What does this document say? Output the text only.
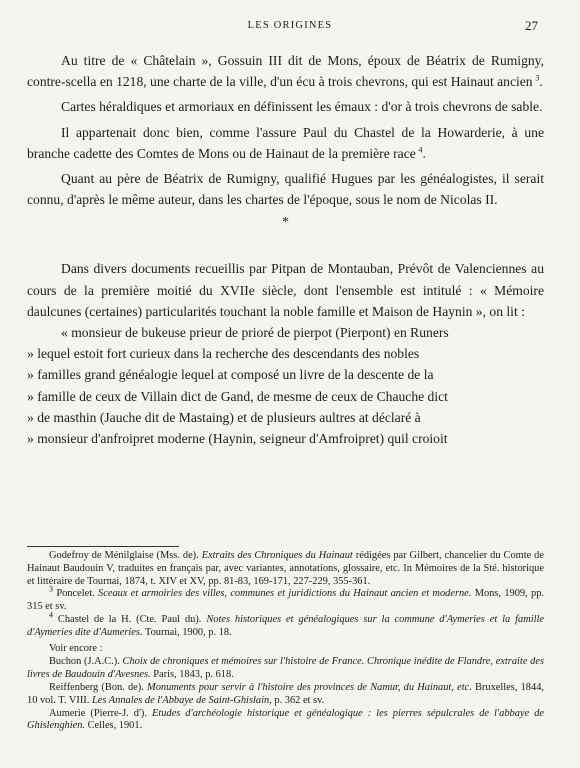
LES ORIGINES	27

Au titre de « Châtelain », Gossuin III dit de Mons, époux de Béatrix de Rumigny, contre-scella en 1218, une charte de la ville, d'un écu à trois chevrons, qui est Hainaut ancien  $^3$.

Cartes héraldiques et armoriaux en définissent les émaux : d'or à trois chevrons de sable.

Il appartenait donc bien, comme l'assure Paul du Chastel de la Howarderie, à une branche cadette des Comtes de Mons ou de Hainaut de la première race  $^4$.

Quant au père de Béatrix de Rumigny, qualifié Hugues par les généalogistes, il serait connu, d'après le même auteur, dans les chartes de l'époque, sous le nom de Nicolas II.

*

Dans divers documents recueillis par Pitpan de Montauban, Prévôt de Valenciennes au cours de la première moitié du XVIIe siècle, dont l'ensemble est intitulé : « Mémoire daulcunes (certaines) particularités touchant la noble famille et Maison de Haynin », on lit :

« monsieur de bukeuse prieur de prioré de pierpot (Pierpont) en Runers

» lequel estoit fort curieux dans la recherche des descendants des nobles

» familles grand généalogie lequel at composé un livre de la descente de la

» famille de ceux de Villain dict de Gand, de mesme de ceux de Chauche dict

» de masthin (Jauche dit de Mastaing) et de plusieurs aultres at déclaré à

» monsieur d'anfroipret moderne (Haynin, seigneur d'Amfroipret) quil croioit

Godefroy de Ménilglaise (Mss. de). Extraits des Chroniques du Hainaut rédigées par Gilbert, chancelier du Comte de Hainaut Baudouin V, traduites en français par, avec variantes, annotations, glossaire, etc. In Mémoires de la Sté. historique et littéraire de Tournai, 1874, t. XIV et XV, pp. 81-83, 169-171, 227-229, 355-361.

$^3$ Poncelet. Sceaux et armoiries des villes, communes et juridictions du Hainaut ancien et moderne. Mons, 1909, pp. 315 et sv.

$^4$ Chastel de la H. (Cte. Paul du). Notes historiques et généalogiques sur la commune d'Aymeries et la famille d'Aymeries dite d'Aumeries. Tournai, 1900, p. 18.

Voir encore :

Buchon (J.A.C.). Choix de chroniques et mémoires sur l'histoire de France. Chronique inédite de Flandre, extraite des livres de Baudouin d'Avesnes. Paris, 1843, p. 618.

Reiffenberg (Bon. de). Monuments pour servir à l'histoire des provinces de Namur, du Hainaut, etc. Bruxelles, 1844, 10 vol. T. VIII. Les Annales de l'Abbaye de Saint-Ghislain, p. 362 et sv.

Aumerie (Pierre-J. d'). Etudes d'archéologie historique et généalogique : les pierres sépulcrales de l'abbaye de Ghislenghien. Celles, 1901.
